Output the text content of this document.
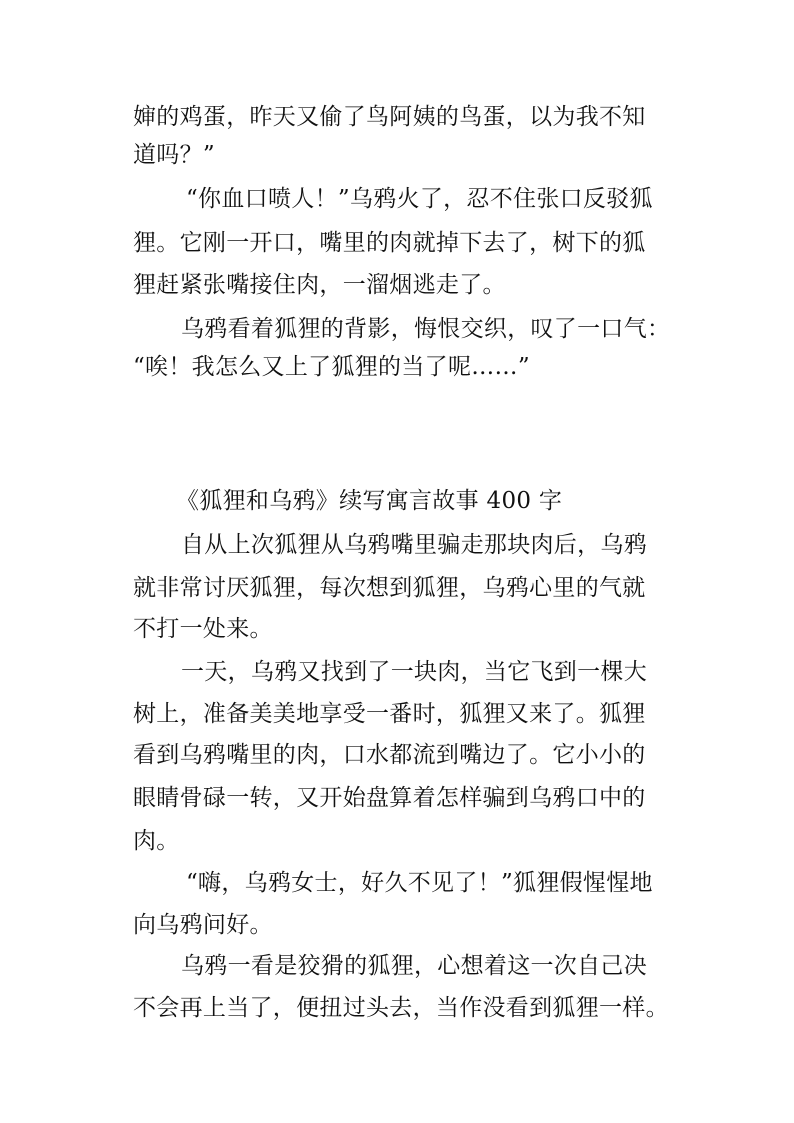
婶的鸡蛋，昨天又偷了鸟阿姨的鸟蛋，以为我不知
道吗？”
“你血口喷人！”乌鸦火了，忍不住张口反驳狐
狸。它刚一开口，嘴里的肉就掉下去了，树下的狐
狸赶紧张嘴接住肉，一溜烟逃走了。
乌鸦看着狐狸的背影，悔恨交织，叹了一口气：
“唉！我怎么又上了狐狸的当了呢……”
《狐狸和乌鸦》续写寓言故事 400 字
自从上次狐狸从乌鸦嘴里骗走那块肉后，乌鸦
就非常讨厌狐狸，每次想到狐狸，乌鸦心里的气就
不打一处来。
一天，乌鸦又找到了一块肉，当它飞到一棵大
树上，准备美美地享受一番时，狐狸又来了。狐狸
看到乌鸦嘴里的肉，口水都流到嘴边了。它小小的
眼睛骨碌一转，又开始盘算着怎样骗到乌鸦口中的
肉。
“嗨，乌鸦女士，好久不见了！”狐狸假惺惺地
向乌鸦问好。
乌鸦一看是狡猾的狐狸，心想着这一次自己决
不会再上当了，便扭过头去，当作没看到狐狸一样。
